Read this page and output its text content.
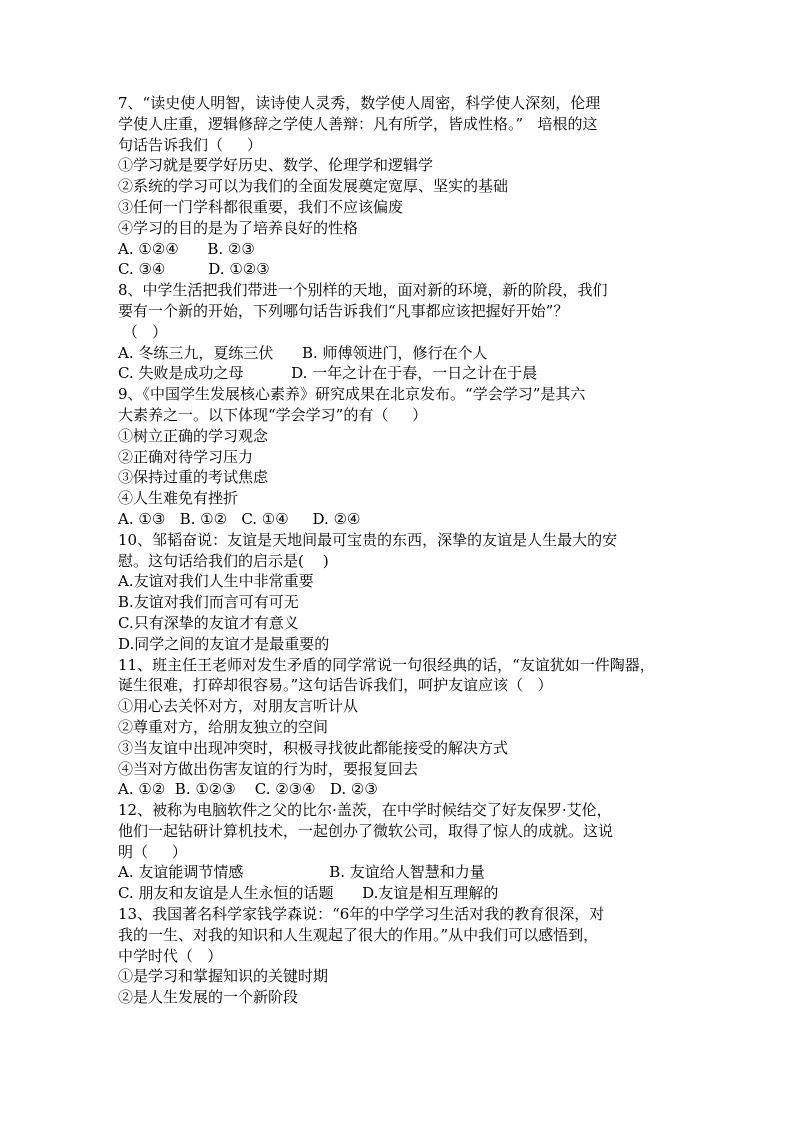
7、“读史使人明智，读诗使人灵秀，数学使人周密，科学使人深刻，伦理
学使人庄重，逻辑修辞之学使人善辩：凡有所学，皆成性格。”   培根的这
句话告诉我们（     ）
①学习就是要学好历史、数学、伦理学和逻辑学
②系统的学习可以为我们的全面发展奠定宽厚、坚实的基础
③任何一门学科都很重要，我们不应该偏废
④学习的目的是为了培养良好的性格
A. ①②④      B. ②③
C. ③④         D. ①②③
8、中学生活把我们带进一个别样的天地，面对新的环境，新的阶段，我们
要有一个新的开始，下列哪句话告诉我们“凡事都应该把握好开始”？
（   ）
A. 冬练三九，夏练三伏      B. 师傅领进门，修行在个人
C. 失败是成功之母          D. 一年之计在于春，一日之计在于晨
9、《中国学生发展核心素养》研究成果在北京发布。“学会学习”是其六
大素养之一。以下体现“学会学习”的有（     ）
①树立正确的学习观念
②正确对待学习压力
③保持过重的考试焦虑
④人生难免有挫折
A. ①③   B. ①②   C. ①④     D. ②④
10、邹韬奋说：友谊是天地间最可宝贵的东西，深挚的友谊是人生最大的安
慰。这句话给我们的启示是(    )
A.友谊对我们人生中非常重要
B.友谊对我们而言可有可无
C.只有深挚的友谊才有意义
D.同学之间的友谊才是最重要的
11、班主任王老师对发生矛盾的同学常说一句很经典的话，“友谊犹如一件陶器，
诞生很难，打碎却很容易。”这句话告诉我们，呵护友谊应该（   ）
①用心去关怀对方，对朋友言听计从
②尊重对方，给朋友独立的空间
③当友谊中出现冲突时，积极寻找彼此都能接受的解决方式
④当对方做出伤害友谊的行为时，要报复回去
A. ①②  B. ①②③    C. ②③④   D. ②③
12、被称为电脑软件之父的比尔·盖茨，在中学时候结交了好友保罗·艾伦，
他们一起钻研计算机技术，一起创办了微软公司，取得了惊人的成就。这说
明（     ）
A. 友谊能调节情感                  B. 友谊给人智慧和力量
C. 朋友和友谊是人生永恒的话题      D.友谊是相互理解的
13、我国著名科学家钱学森说：“6年的中学学习生活对我的教育很深，对
我的一生、对我的知识和人生观起了很大的作用。”从中我们可以感悟到，
中学时代（   ）
①是学习和掌握知识的关键时期
②是人生发展的一个新阶段
